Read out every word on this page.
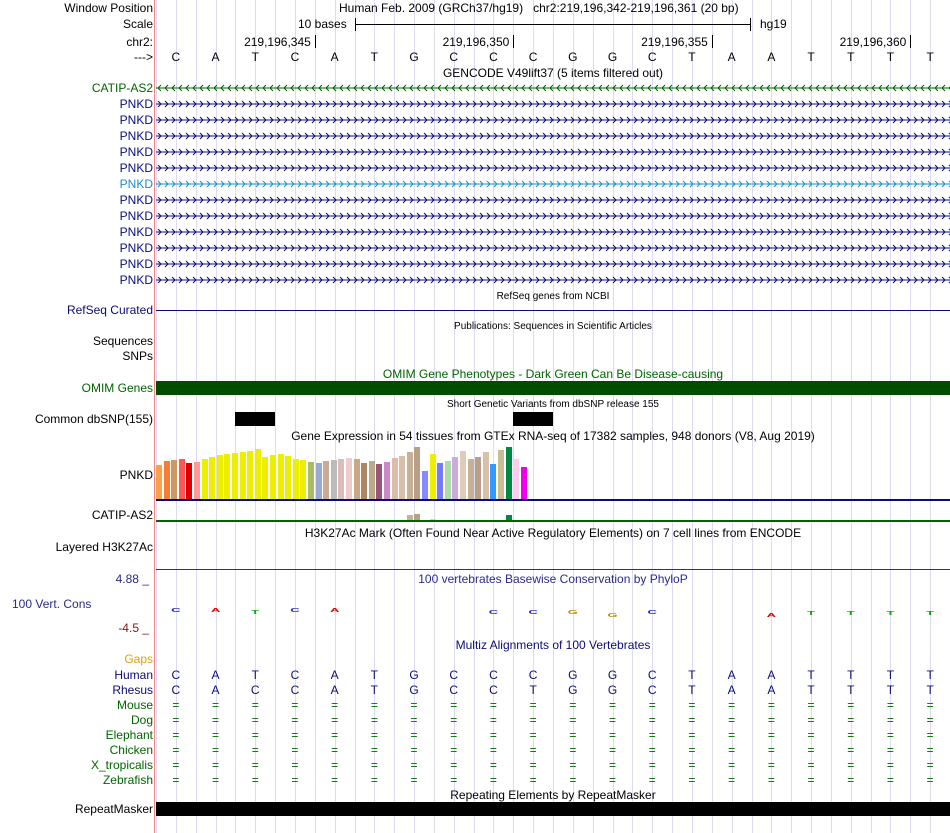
Window Position	Human Feb. 2009 (GRCh37/hg19)   chr2:219,196,342-219,196,361 (20 bp)
Scale	10 bases	hg19
chr2:	219,196,345	219,196,350	219,196,355	219,196,360
--->	C	A	T	C	A	T	G	C	C	C	G	G	C	T	A	A	T	T	T	T
GENCODE V49lift37 (5 items filtered out)
CATIP-AS2
PNKD
PNKD
PNKD
PNKD
PNKD
PNKD
PNKD
PNKD
PNKD
PNKD
PNKD
PNKD
RefSeq genes from NCBI
RefSeq Curated
Publications: Sequences in Scientific Articles
Sequences
SNPs
OMIM Gene Phenotypes - Dark Green Can Be Disease-causing
OMIM Genes
Short Genetic Variants from dbSNP release 155
Common dbSNP(155)
Gene Expression in 54 tissues from GTEx RNA-seq of 17382 samples, 948 donors (V8, Aug 2019)
PNKD
CATIP-AS2
H3K27Ac Mark (Often Found Near Active Regulatory Elements) on 7 cell lines from ENCODE
Layered H3K27Ac
100 vertebrates Basewise Conservation by PhyloP
4.88 _
100 Vert. Cons
-4.5 _
C	A	T	C	A	C	C	G	G	C	A	T	T	T	T
Multiz Alignments of 100 Vertebrates
Gaps
Human	C	A	T	C	A	T	G	C	C	C	G	G	C	T	A	A	T	T	T	T
Rhesus	C	A	C	C	A	T	G	C	C	T	G	G	C	T	A	A	T	T	T	T
Mouse	=	=	=	=	=	=	=	=	=	=	=	=	=	=	=	=	=	=	=	=
Dog	=	=	=	=	=	=	=	=	=	=	=	=	=	=	=	=	=	=	=	=
Elephant	=	=	=	=	=	=	=	=	=	=	=	=	=	=	=	=	=	=	=	=
Chicken	=	=	=	=	=	=	=	=	=	=	=	=	=	=	=	=	=	=	=	=
X_tropicalis	=	=	=	=	=	=	=	=	=	=	=	=	=	=	=	=	=	=	=	=
Zebrafish	=	=	=	=	=	=	=	=	=	=	=	=	=	=	=	=	=	=	=	=
Repeating Elements by RepeatMasker
RepeatMasker
